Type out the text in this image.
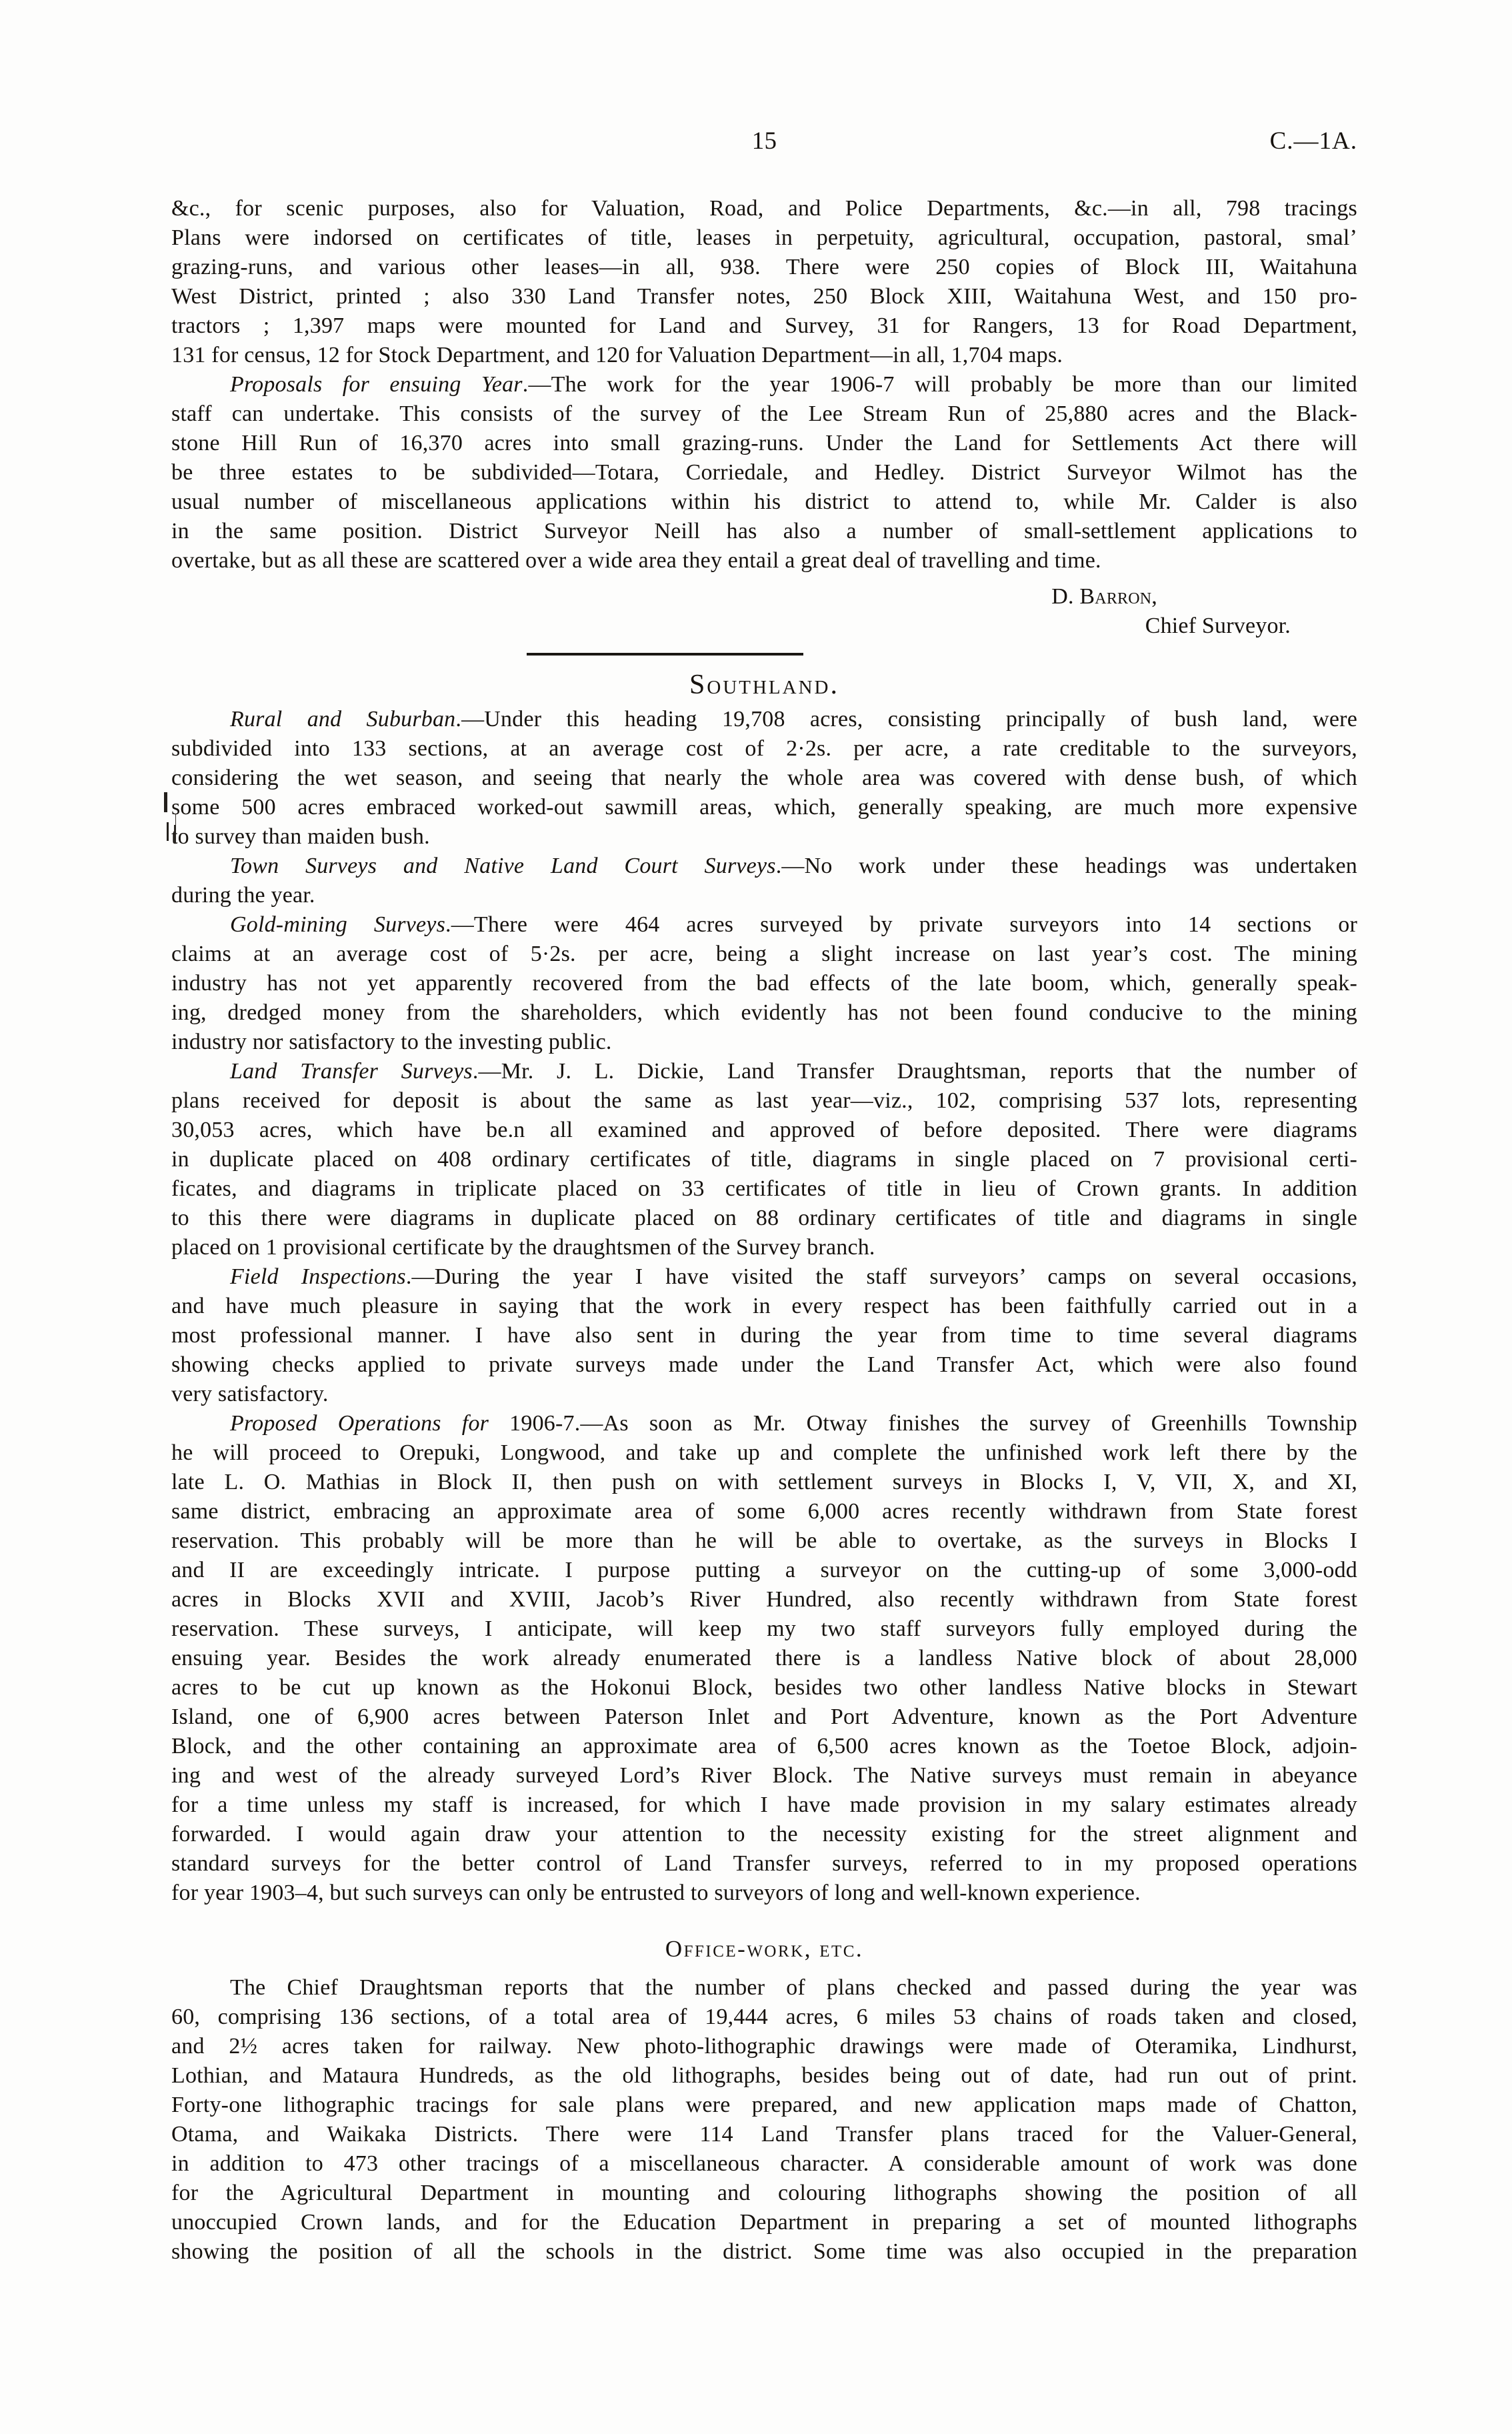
15	C.—1A.
&c., for scenic purposes, also for Valuation, Road, and Police Departments, &c.—in all, 798 tracings
Plans were indorsed on certificates of title, leases in perpetuity, agricultural, occupation, pastoral, smal’
grazing-runs, and various other leases—in all, 938. There were 250 copies of Block III, Waitahuna
West District, printed ; also 330 Land Transfer notes, 250 Block XIII, Waitahuna West, and 150 pro-
tractors ; 1,397 maps were mounted for Land and Survey, 31 for Rangers, 13 for Road Department,
131 for census, 12 for Stock Department, and 120 for Valuation Department—in all, 1,704 maps.
Proposals for ensuing Year.—The work for the year 1906-7 will probably be more than our limited
staff can undertake. This consists of the survey of the Lee Stream Run of 25,880 acres and the Black-
stone Hill Run of 16,370 acres into small grazing-runs. Under the Land for Settlements Act there will
be three estates to be subdivided—Totara, Corriedale, and Hedley. District Surveyor Wilmot has the
usual number of miscellaneous applications within his district to attend to, while Mr. Calder is also
in the same position. District Surveyor Neill has also a number of small-settlement applications to
overtake, but as all these are scattered over a wide area they entail a great deal of travelling and time.
D. Barron,
Chief Surveyor.
Southland.
Rural and Suburban.—Under this heading 19,708 acres, consisting principally of bush land, were
subdivided into 133 sections, at an average cost of 2·2s. per acre, a rate creditable to the surveyors,
considering the wet season, and seeing that nearly the whole area was covered with dense bush, of which
some 500 acres embraced worked-out sawmill areas, which, generally speaking, are much more expensive
to survey than maiden bush.
Town Surveys and Native Land Court Surveys.—No work under these headings was undertaken
during the year.
Gold-mining Surveys.—There were 464 acres surveyed by private surveyors into 14 sections or
claims at an average cost of 5·2s. per acre, being a slight increase on last year’s cost. The mining
industry has not yet apparently recovered from the bad effects of the late boom, which, generally speak-
ing, dredged money from the shareholders, which evidently has not been found conducive to the mining
industry nor satisfactory to the investing public.
Land Transfer Surveys.—Mr. J. L. Dickie, Land Transfer Draughtsman, reports that the number of
plans received for deposit is about the same as last year—viz., 102, comprising 537 lots, representing
30,053 acres, which have be.n all examined and approved of before deposited. There were diagrams
in duplicate placed on 408 ordinary certificates of title, diagrams in single placed on 7 provisional certi-
ficates, and diagrams in triplicate placed on 33 certificates of title in lieu of Crown grants. In addition
to this there were diagrams in duplicate placed on 88 ordinary certificates of title and diagrams in single
placed on 1 provisional certificate by the draughtsmen of the Survey branch.
Field Inspections.—During the year I have visited the staff surveyors’ camps on several occasions,
and have much pleasure in saying that the work in every respect has been faithfully carried out in a
most professional manner. I have also sent in during the year from time to time several diagrams
showing checks applied to private surveys made under the Land Transfer Act, which were also found
very satisfactory.
Proposed Operations for 1906-7.—As soon as Mr. Otway finishes the survey of Greenhills Township
he will proceed to Orepuki, Longwood, and take up and complete the unfinished work left there by the
late L. O. Mathias in Block II, then push on with settlement surveys in Blocks I, V, VII, X, and XI,
same district, embracing an approximate area of some 6,000 acres recently withdrawn from State forest
reservation. This probably will be more than he will be able to overtake, as the surveys in Blocks I
and II are exceedingly intricate. I purpose putting a surveyor on the cutting-up of some 3,000-odd
acres in Blocks XVII and XVIII, Jacob’s River Hundred, also recently withdrawn from State forest
reservation. These surveys, I anticipate, will keep my two staff surveyors fully employed during the
ensuing year. Besides the work already enumerated there is a landless Native block of about 28,000
acres to be cut up known as the Hokonui Block, besides two other landless Native blocks in Stewart
Island, one of 6,900 acres between Paterson Inlet and Port Adventure, known as the Port Adventure
Block, and the other containing an approximate area of 6,500 acres known as the Toetoe Block, adjoin-
ing and west of the already surveyed Lord’s River Block. The Native surveys must remain in abeyance
for a time unless my staff is increased, for which I have made provision in my salary estimates already
forwarded. I would again draw your attention to the necessity existing for the street alignment and
standard surveys for the better control of Land Transfer surveys, referred to in my proposed operations
for year 1903–4, but such surveys can only be entrusted to surveyors of long and well-known experience.
Office-work, etc.
The Chief Draughtsman reports that the number of plans checked and passed during the year was
60, comprising 136 sections, of a total area of 19,444 acres, 6 miles 53 chains of roads taken and closed,
and 2½ acres taken for railway. New photo-lithographic drawings were made of Oteramika, Lindhurst,
Lothian, and Mataura Hundreds, as the old lithographs, besides being out of date, had run out of print.
Forty-one lithographic tracings for sale plans were prepared, and new application maps made of Chatton,
Otama, and Waikaka Districts. There were 114 Land Transfer plans traced for the Valuer-General,
in addition to 473 other tracings of a miscellaneous character. A considerable amount of work was done
for the Agricultural Department in mounting and colouring lithographs showing the position of all
unoccupied Crown lands, and for the Education Department in preparing a set of mounted lithographs
showing the position of all the schools in the district. Some time was also occupied in the preparation
